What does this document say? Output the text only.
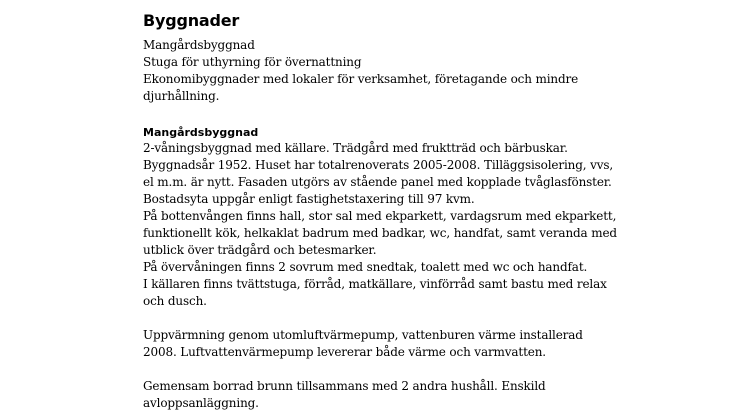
Byggnader
Mangårdsbyggnad
Stuga för uthyrning för övernattning
Ekonomibyggnader med lokaler för verksamhet, företagande och mindre
djurhållning.
Mangårdsbyggnad
2-våningsbyggnad med källare. Trädgård med fruktträd och bärbuskar.
Byggnadsår 1952. Huset har totalrenoverats 2005-2008. Tilläggsisolering, vvs,
el m.m. är nytt. Fasaden utgörs av stående panel med kopplade tvåglasfönster.
Bostadsyta uppgår enligt fastighetstaxering till 97 kvm.
På bottenvången finns hall, stor sal med ekparkett, vardagsrum med ekparkett,
funktionellt kök, helkaklat badrum med badkar, wc, handfat, samt veranda med
utblick över trädgård och betesmarker.
På övervåningen finns 2 sovrum med snedtak, toalett med wc och handfat.
I källaren finns tvättstuga, förråd, matkällare, vinförråd samt bastu med relax
och dusch.
Uppvärmning genom utomluftvärmepump, vattenburen värme installerad
2008. Luftvattenvärmepump levererar både värme och varmvatten.
Gemensam borrad brunn tillsammans med 2 andra hushåll. Enskild
avloppsanläggning.
